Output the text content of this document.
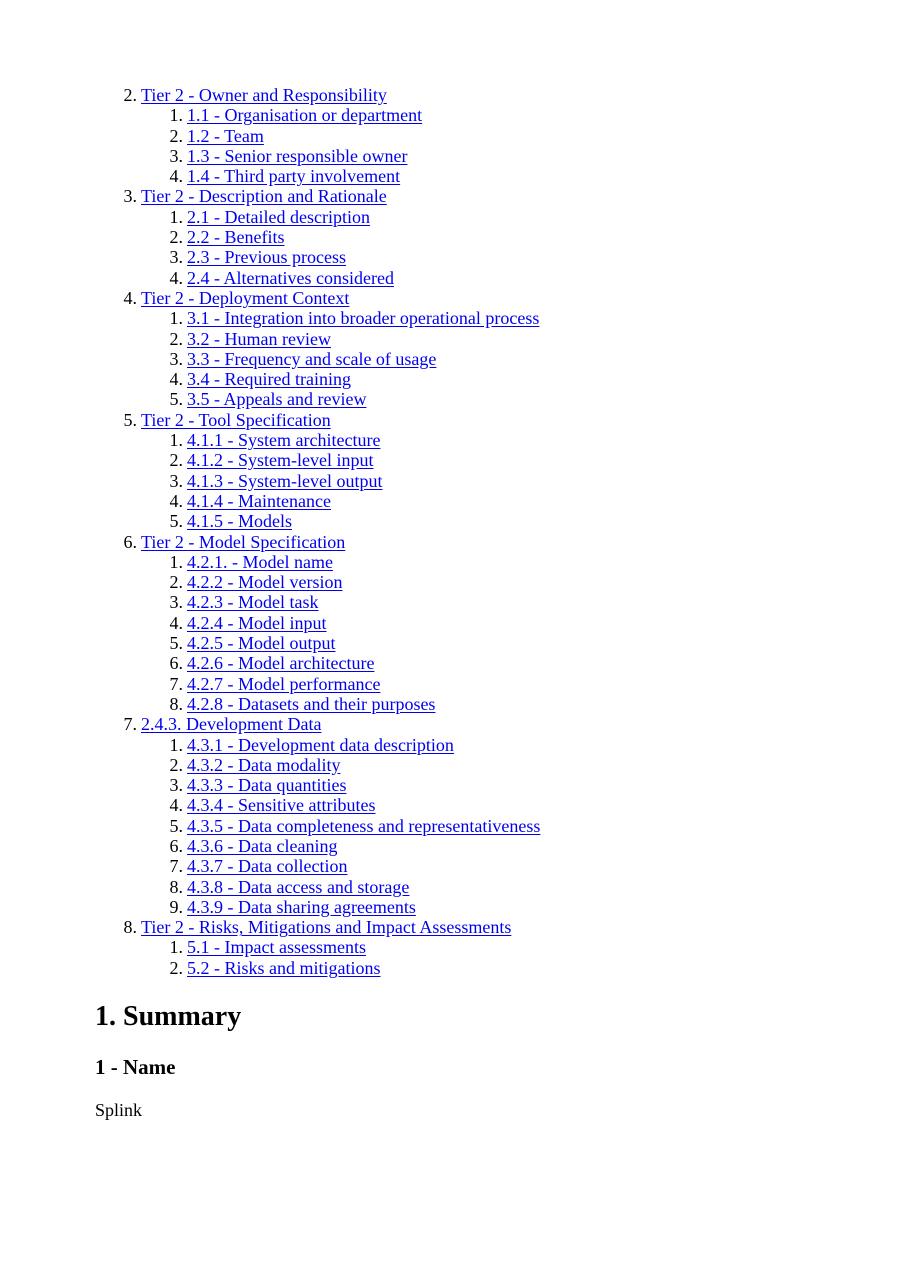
2. Tier 2 - Owner and Responsibility
1. 1.1 - Organisation or department
2. 1.2 - Team
3. 1.3 - Senior responsible owner
4. 1.4 - Third party involvement
3. Tier 2 - Description and Rationale
1. 2.1 - Detailed description
2. 2.2 - Benefits
3. 2.3 - Previous process
4. 2.4 - Alternatives considered
4. Tier 2 - Deployment Context
1. 3.1 - Integration into broader operational process
2. 3.2 - Human review
3. 3.3 - Frequency and scale of usage
4. 3.4 - Required training
5. 3.5 - Appeals and review
5. Tier 2 - Tool Specification
1. 4.1.1 - System architecture
2. 4.1.2 - System-level input
3. 4.1.3 - System-level output
4. 4.1.4 - Maintenance
5. 4.1.5 - Models
6. Tier 2 - Model Specification
1. 4.2.1. - Model name
2. 4.2.2 - Model version
3. 4.2.3 - Model task
4. 4.2.4 - Model input
5. 4.2.5 - Model output
6. 4.2.6 - Model architecture
7. 4.2.7 - Model performance
8. 4.2.8 - Datasets and their purposes
7. 2.4.3. Development Data
1. 4.3.1 - Development data description
2. 4.3.2 - Data modality
3. 4.3.3 - Data quantities
4. 4.3.4 - Sensitive attributes
5. 4.3.5 - Data completeness and representativeness
6. 4.3.6 - Data cleaning
7. 4.3.7 - Data collection
8. 4.3.8 - Data access and storage
9. 4.3.9 - Data sharing agreements
8. Tier 2 - Risks, Mitigations and Impact Assessments
1. 5.1 - Impact assessments
2. 5.2 - Risks and mitigations
1. Summary
1 - Name

Splink
